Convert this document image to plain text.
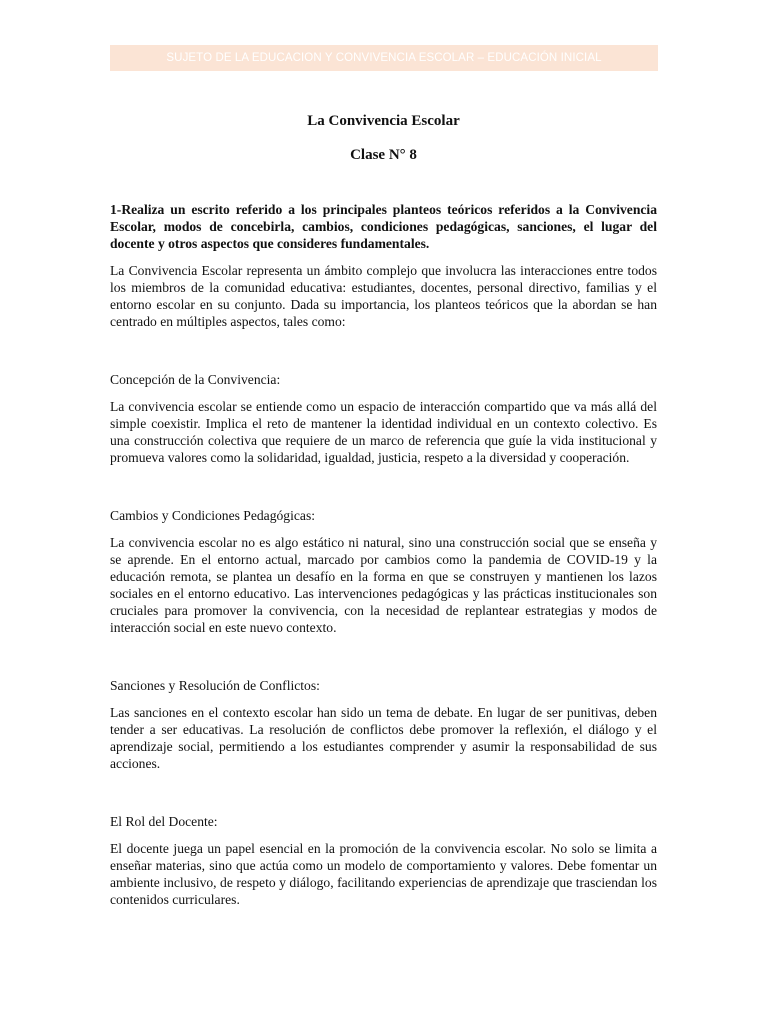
SUJETO DE LA EDUCACION Y CONVIVENCIA ESCOLAR – EDUCACIÓN INICIAL
La Convivencia Escolar
Clase N° 8
1-Realiza un escrito referido a los principales planteos teóricos referidos a la Convivencia Escolar, modos de concebirla, cambios, condiciones pedagógicas, sanciones, el lugar del docente y otros aspectos que consideres fundamentales.

La Convivencia Escolar representa un ámbito complejo que involucra las interacciones entre todos los miembros de la comunidad educativa: estudiantes, docentes, personal directivo, familias y el entorno escolar en su conjunto. Dada su importancia, los planteos teóricos que la abordan se han centrado en múltiples aspectos, tales como:

Concepción de la Convivencia:
La convivencia escolar se entiende como un espacio de interacción compartido que va más allá del simple coexistir. Implica el reto de mantener la identidad individual en un contexto colectivo. Es una construcción colectiva que requiere de un marco de referencia que guíe la vida institucional y promueva valores como la solidaridad, igualdad, justicia, respeto a la diversidad y cooperación.
Cambios y Condiciones Pedagógicas:
La convivencia escolar no es algo estático ni natural, sino una construcción social que se enseña y se aprende. En el entorno actual, marcado por cambios como la pandemia de COVID-19 y la educación remota, se plantea un desafío en la forma en que se construyen y mantienen los lazos sociales en el entorno educativo. Las intervenciones pedagógicas y las prácticas institucionales son cruciales para promover la convivencia, con la necesidad de replantear estrategias y modos de interacción social en este nuevo contexto.
Sanciones y Resolución de Conflictos:
Las sanciones en el contexto escolar han sido un tema de debate. En lugar de ser punitivas, deben tender a ser educativas. La resolución de conflictos debe promover la reflexión, el diálogo y el aprendizaje social, permitiendo a los estudiantes comprender y asumir la responsabilidad de sus acciones.
El Rol del Docente:
El docente juega un papel esencial en la promoción de la convivencia escolar. No solo se limita a enseñar materias, sino que actúa como un modelo de comportamiento y valores. Debe fomentar un ambiente inclusivo, de respeto y diálogo, facilitando experiencias de aprendizaje que trasciendan los contenidos curriculares.
